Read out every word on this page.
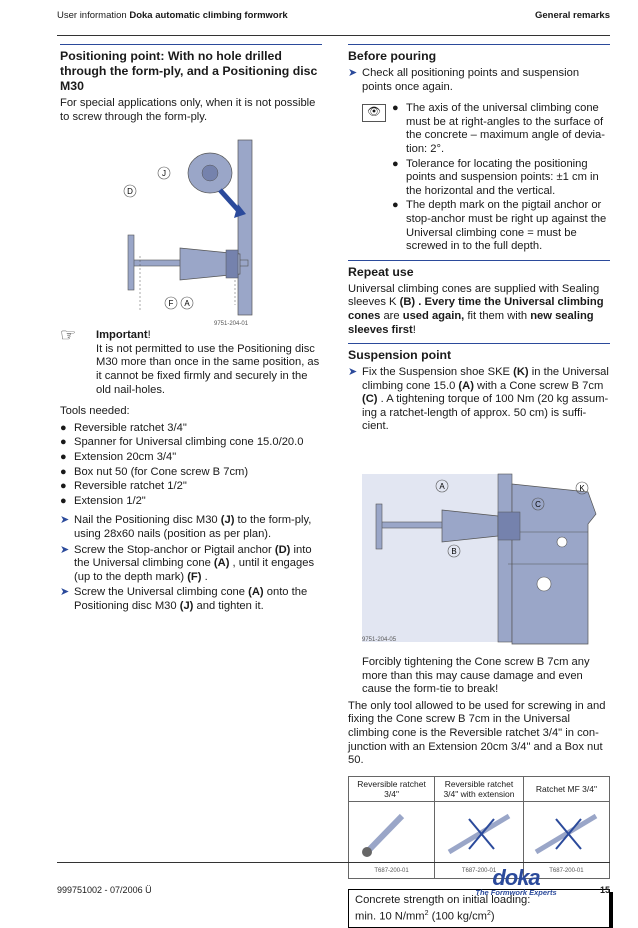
User information Doka automatic climbing formwork	General remarks
Positioning point: With no hole drilled through the form-ply, and a Positioning disc M30

For special applications only, when it is not possible to screw through the form-ply.

J
D
F A
9751-204-01
☞ Important!
It is not permitted to use the Positioning disc M30 more than once in the same position, as it cannot be fixed firmly and securely in the old nail-holes.

Tools needed:

● Reversible ratchet 3/4"
● Spanner for Universal climbing cone 15.0/20.0
● Extension 20cm 3/4"
● Box nut 50 (for Cone screw B 7cm)
● Reversible ratchet 1/2"
● Extension 1/2"
➤ Nail the Positioning disc M30 (J) to the form-ply, using 28x60 nails (position as per plan).
➤ Screw the Stop-anchor or Pigtail anchor (D) into the Universal climbing cone (A) , until it engages (up to the depth mark) (F) .
➤ Screw the Universal climbing cone (A) onto the Positioning disc M30 (J) and tighten it.
Before pouring
➤ Check all positioning points and suspension points once again.
👁	● The axis of the universal climbing cone must be at right-angles to the surface of the concrete – maximum angle of devia-tion: 2°.
● Tolerance for locating the positioning points and suspension points: ±1 cm in the horizontal and the vertical.
● The depth mark on the pigtail anchor or stop-anchor must be right up against the Universal climbing cone = must be screwed in to the full depth.
Repeat use

Universal climbing cones are supplied with Sealing sleeves K (B) . Every time the Universal climbing cones are used again, fit them with new sealing sleeves first!

Suspension point
➤ Fix the Suspension shoe SKE (K) in the Universal climbing cone 15.0 (A) with a Cone screw B 7cm (C) . A tightening torque of 100 Nm (20 kg assum-ing a ratchet-length of approx. 50 cm) is suffi-cient.
A	K
C
B
9751-204-05

Forcibly tightening the Cone screw B 7cm any more than this may cause damage and even cause the form-tie to break!

The only tool allowed to be used for screwing in and fixing the Cone screw B 7cm in the Universal climbing cone is the Reversible ratchet 3/4" in con-junction with an Extension 20cm 3/4" and a Box nut 50.

Reversible ratchet 3/4"	Reversible ratchet 3/4" with extension	Ratchet MF 3/4"

T687-200-01	T687-200-01	T687-200-01
Concrete strength on initial loading:
min. 10 $N/mm^2$ (100 $kg/cm^2$)
999751002 - 07/2006 Ü	doka
The Formwork Experts	15
